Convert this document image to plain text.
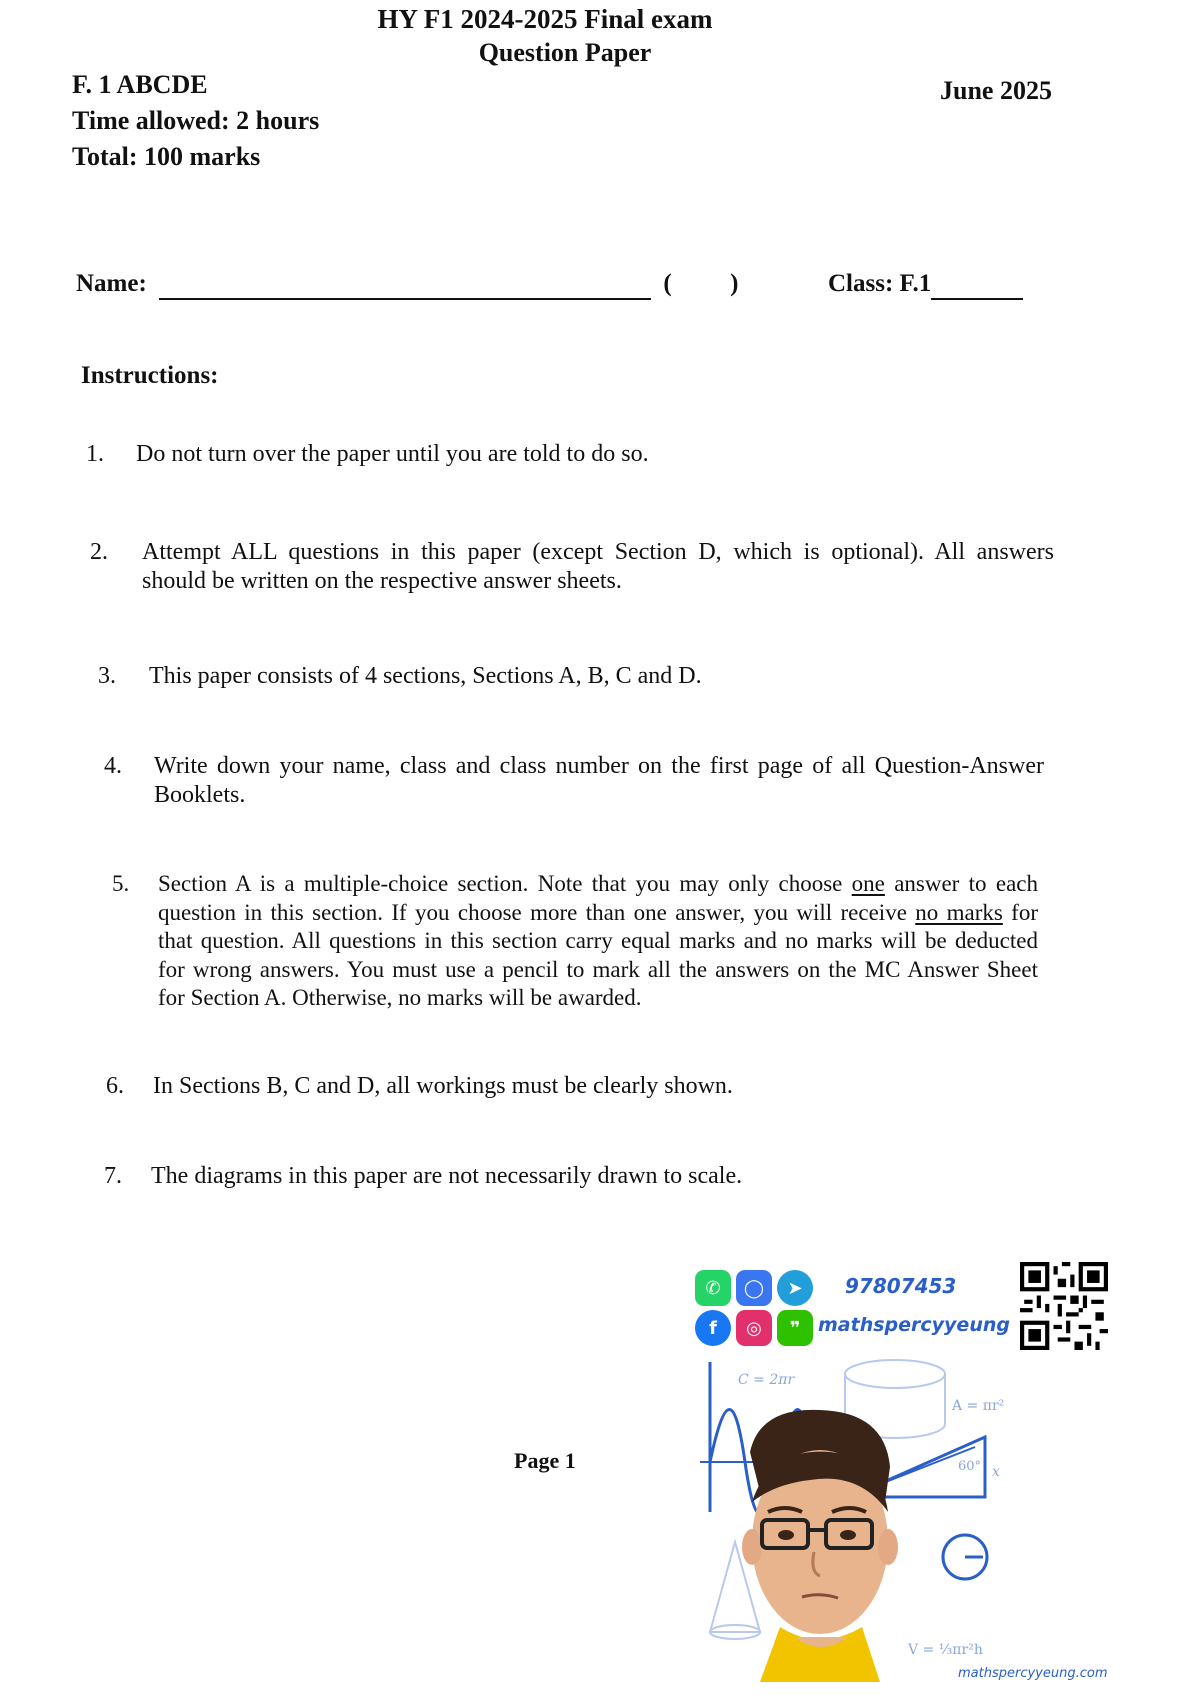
HY F1 2024-2025 Final exam
Question Paper
F. 1 ABCDE
Time allowed: 2 hours
Total: 100 marks
June 2025
Name:	( )	Class: F.1
Instructions:
1. Do not turn over the paper until you are told to do so.
2. Attempt ALL questions in this paper (except Section D, which is optional). All answers
should be written on the respective answer sheets.
3. This paper consists of 4 sections, Sections A, B, C and D.
4. Write down your name, class and class number on the first page of all Question-Answer
Booklets.
5. Section A is a multiple-choice section. Note that you may only choose one answer to each
question in this section. If you choose more than one answer, you will receive no marks for
that question. All questions in this section carry equal marks and no marks will be deducted
for wrong answers. You must use a pencil to mark all the answers on the MC Answer Sheet
for Section A. Otherwise, no marks will be awarded.
6. In Sections B, C and D, all workings must be clearly shown.
7. The diagrams in this paper are not necessarily drawn to scale.
Page 1
✆	◯	➤	97807453
f	◎	❞ mathspercyyeung
C = 2πr
A = πr²
60° x
V = ⅓πr²h
mathspercyyeung.com
